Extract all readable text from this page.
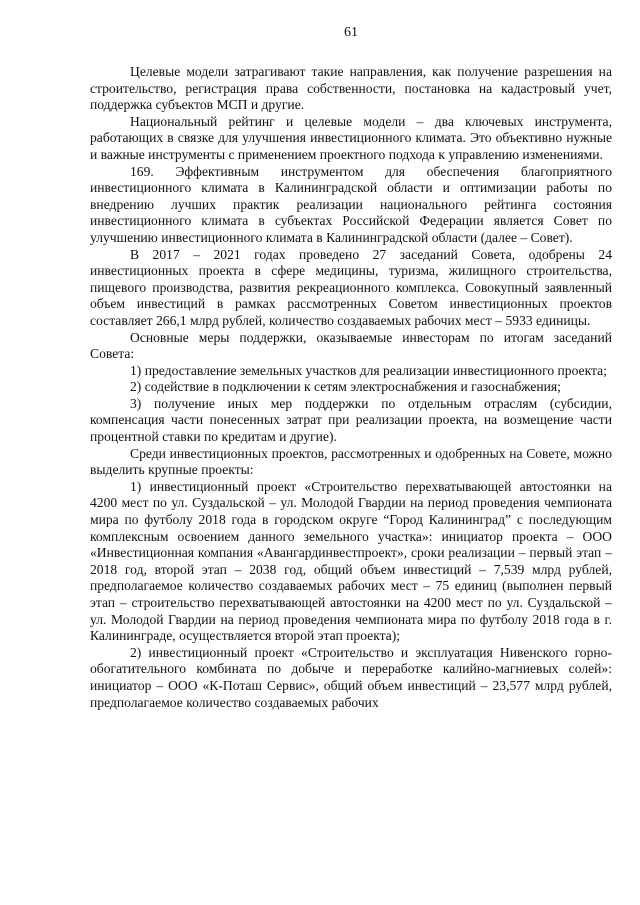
61

Целевые модели затрагивают такие направления, как получение разрешения на строительство, регистрация права собственности, постановка на кадастровый учет, поддержка субъектов МСП и другие.

Национальный рейтинг и целевые модели – два ключевых инструмента, работающих в связке для улучшения инвестиционного климата. Это объективно нужные и важные инструменты с применением проектного подхода к управлению изменениями.

169. Эффективным инструментом для обеспечения благоприятного инвестиционного климата в Калининградской области и оптимизации работы по внедрению лучших практик реализации национального рейтинга состояния инвестиционного климата в субъектах Российской Федерации является Совет по улучшению инвестиционного климата в Калининградской области (далее – Совет).

В 2017 – 2021 годах проведено 27 заседаний Совета, одобрены 24 инвестиционных проекта в сфере медицины, туризма, жилищного строительства, пищевого производства, развития рекреационного комплекса. Совокупный заявленный объем инвестиций в рамках рассмотренных Советом инвестиционных проектов составляет 266,1 млрд рублей, количество создаваемых рабочих мест – 5933 единицы.

Основные меры поддержки, оказываемые инвесторам по итогам заседаний Совета:

1) предоставление земельных участков для реализации инвестиционного проекта;

2) содействие в подключении к сетям электроснабжения и газоснабжения;

3) получение иных мер поддержки по отдельным отраслям (субсидии, компенсация части понесенных затрат при реализации проекта, на возмещение части процентной ставки по кредитам и другие).

Среди инвестиционных проектов, рассмотренных и одобренных на Совете, можно выделить крупные проекты:

1) инвестиционный проект «Строительство перехватывающей автостоянки на 4200 мест по ул. Суздальской – ул. Молодой Гвардии на период проведения чемпионата мира по футболу 2018 года в городском округе “Город Калининград” с последующим комплексным освоением данного земельного участка»: инициатор проекта – ООО «Инвестиционная компания «Авангардинвестпроект», сроки реализации – первый этап – 2018 год, второй этап – 2038 год, общий объем инвестиций – 7,539 млрд рублей, предполагаемое количество создаваемых рабочих мест – 75 единиц (выполнен первый этап – строительство перехватывающей автостоянки на 4200 мест по ул. Суздальской – ул. Молодой Гвардии на период проведения чемпионата мира по футболу 2018 года в г. Калининграде, осуществляется второй этап проекта);

2) инвестиционный проект «Строительство и эксплуатация Нивенского горно-обогатительного комбината по добыче и переработке калийно-магниевых солей»: инициатор – ООО «К-Поташ Сервис», общий объем инвестиций – 23,577 млрд рублей, предполагаемое количество создаваемых рабочих
